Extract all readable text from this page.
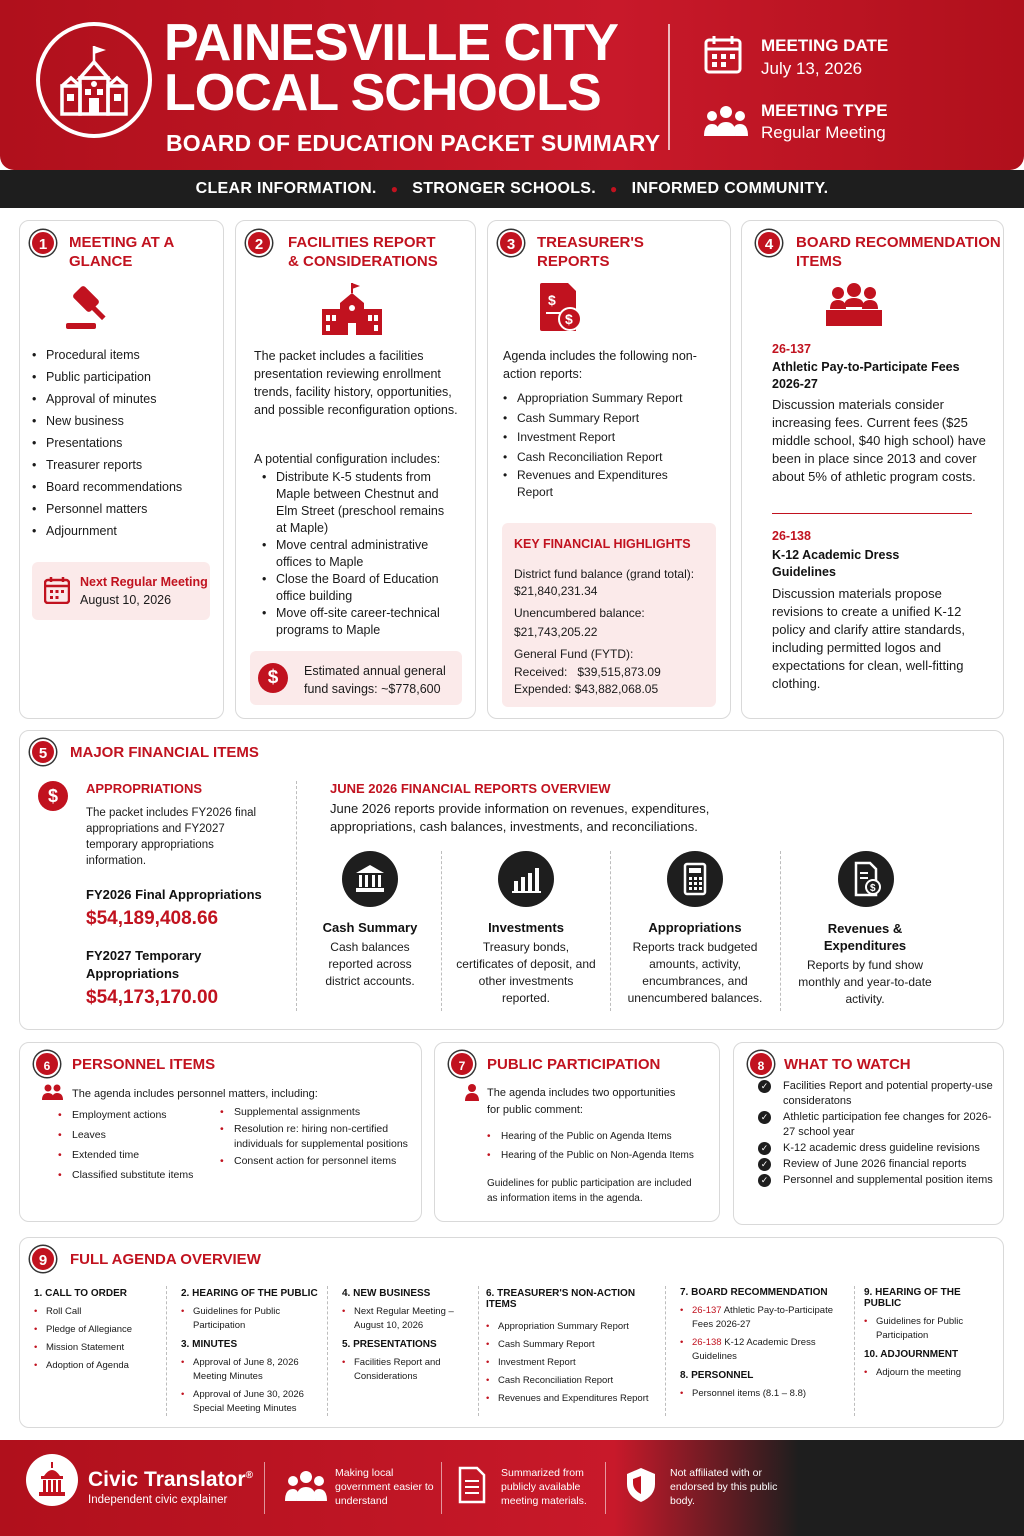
PAINESVILLE CITY
LOCAL SCHOOLS
BOARD OF EDUCATION PACKET SUMMARY
MEETING DATE
July 13, 2026
MEETING TYPE
Regular Meeting
CLEAR INFORMATION. ● STRONGER SCHOOLS. ● INFORMED COMMUNITY.
1	MEETING AT A GLANCE
• Procedural items
• Public participation
• Approval of minutes
• New business
• Presentations
• Treasurer reports
• Board recommendations
• Personnel matters
• Adjournment
Next Regular Meeting
August 10, 2026
2	FACILITIES REPORT
& CONSIDERATIONS
The packet includes a facilities presentation reviewing enrollment trends, facility history, opportunities, and possible reconfiguration options.
A potential configuration includes:
• Distribute K-5 students from Maple between Chestnut and Elm Street (preschool remains at Maple)
• Move central administrative offices to Maple
• Close the Board of Education office building
• Move off-site career-technical programs to Maple
$	Estimated annual general fund savings: ~$778,600
3	TREASURER'S
REPORTS
$
$
Agenda includes the following non-action reports:
• Appropriation Summary Report
• Cash Summary Report
• Investment Report
• Cash Reconciliation Report
• Revenues and Expenditures Report
KEY FINANCIAL HIGHLIGHTS
District fund balance (grand total):
$21,840,231.34
Unencumbered balance:
$21,743,205.22
General Fund (FYTD):
Received:   $39,515,873.09
Expended: $43,882,068.05
4	BOARD RECOMMENDATION
ITEMS
26-137
Athletic Pay-to-Participate Fees 2026-27
Discussion materials consider increasing fees. Current fees ($25 middle school, $40 high school) have been in place since 2013 and cover about 5% of athletic program costs.
26-138
K-12 Academic Dress Guidelines
Discussion materials propose revisions to create a unified K-12 policy and clarify attire standards, including permitted logos and expectations for clean, well-fitting clothing.
5	MAJOR FINANCIAL ITEMS
$	APPROPRIATIONS
The packet includes FY2026 final appropriations and FY2027 temporary appropriations information.
FY2026 Final Appropriations
$54,189,408.66
FY2027 Temporary Appropriations
$54,173,170.00
JUNE 2026 FINANCIAL REPORTS OVERVIEW
June 2026 reports provide information on revenues, expenditures, appropriations, cash balances, investments, and reconciliations.
Cash Summary
Cash balances reported across district accounts.
Investments
Treasury bonds, certificates of deposit, and other investments reported.
Appropriations
Reports track budgeted amounts, activity, encumbrances, and unencumbered balances.
$
Revenues & Expenditures
Reports by fund show monthly and year-to-date activity.
6	PERSONNEL ITEMS
The agenda includes personnel matters, including:
• Employment actions
• Leaves
• Extended time
• Classified substitute items
• Supplemental assignments
• Resolution re: hiring non-certified individuals for supplemental positions
• Consent action for personnel items
7	PUBLIC PARTICIPATION
The agenda includes two opportunities for public comment:
• Hearing of the Public on Agenda Items
• Hearing of the Public on Non-Agenda Items
Guidelines for public participation are included as information items in the agenda.
8	WHAT TO WATCH
✓ Facilities Report and potential property-use consideratons
✓ Athletic participation fee changes for 2026-27 school year
✓ K-12 academic dress guideline revisions
✓ Review of June 2026 financial reports
✓ Personnel and supplemental position items
9	FULL AGENDA OVERVIEW
1. CALL TO ORDER
• Roll Call
• Pledge of Allegiance
• Mission Statement
• Adoption of Agenda
2. HEARING OF THE PUBLIC
• Guidelines for Public Participation
3. MINUTES
• Approval of June 8, 2026 Meeting Minutes
• Approval of June 30, 2026 Special Meeting Minutes
4. NEW BUSINESS
• Next Regular Meeting – August 10, 2026
5. PRESENTATIONS
• Facilities Report and Considerations
6. TREASURER'S NON-ACTION ITEMS
• Appropriation Summary Report
• Cash Summary Report
• Investment Report
• Cash Reconciliation Report
• Revenues and Expenditures Report
7. BOARD RECOMMENDATION
• 26-137 Athletic Pay-to-Participate Fees 2026-27
• 26-138 K-12 Academic Dress Guidelines
8. PERSONNEL
• Personnel items (8.1 – 8.8)
9. HEARING OF THE PUBLIC
• Guidelines for Public Participation
10. ADJOURNMENT
• Adjourn the meeting
Civic Translator®
Independent civic explainer
Making local government easier to understand
Summarized from publicly available meeting materials.
Not affiliated with or endorsed by this public body.
